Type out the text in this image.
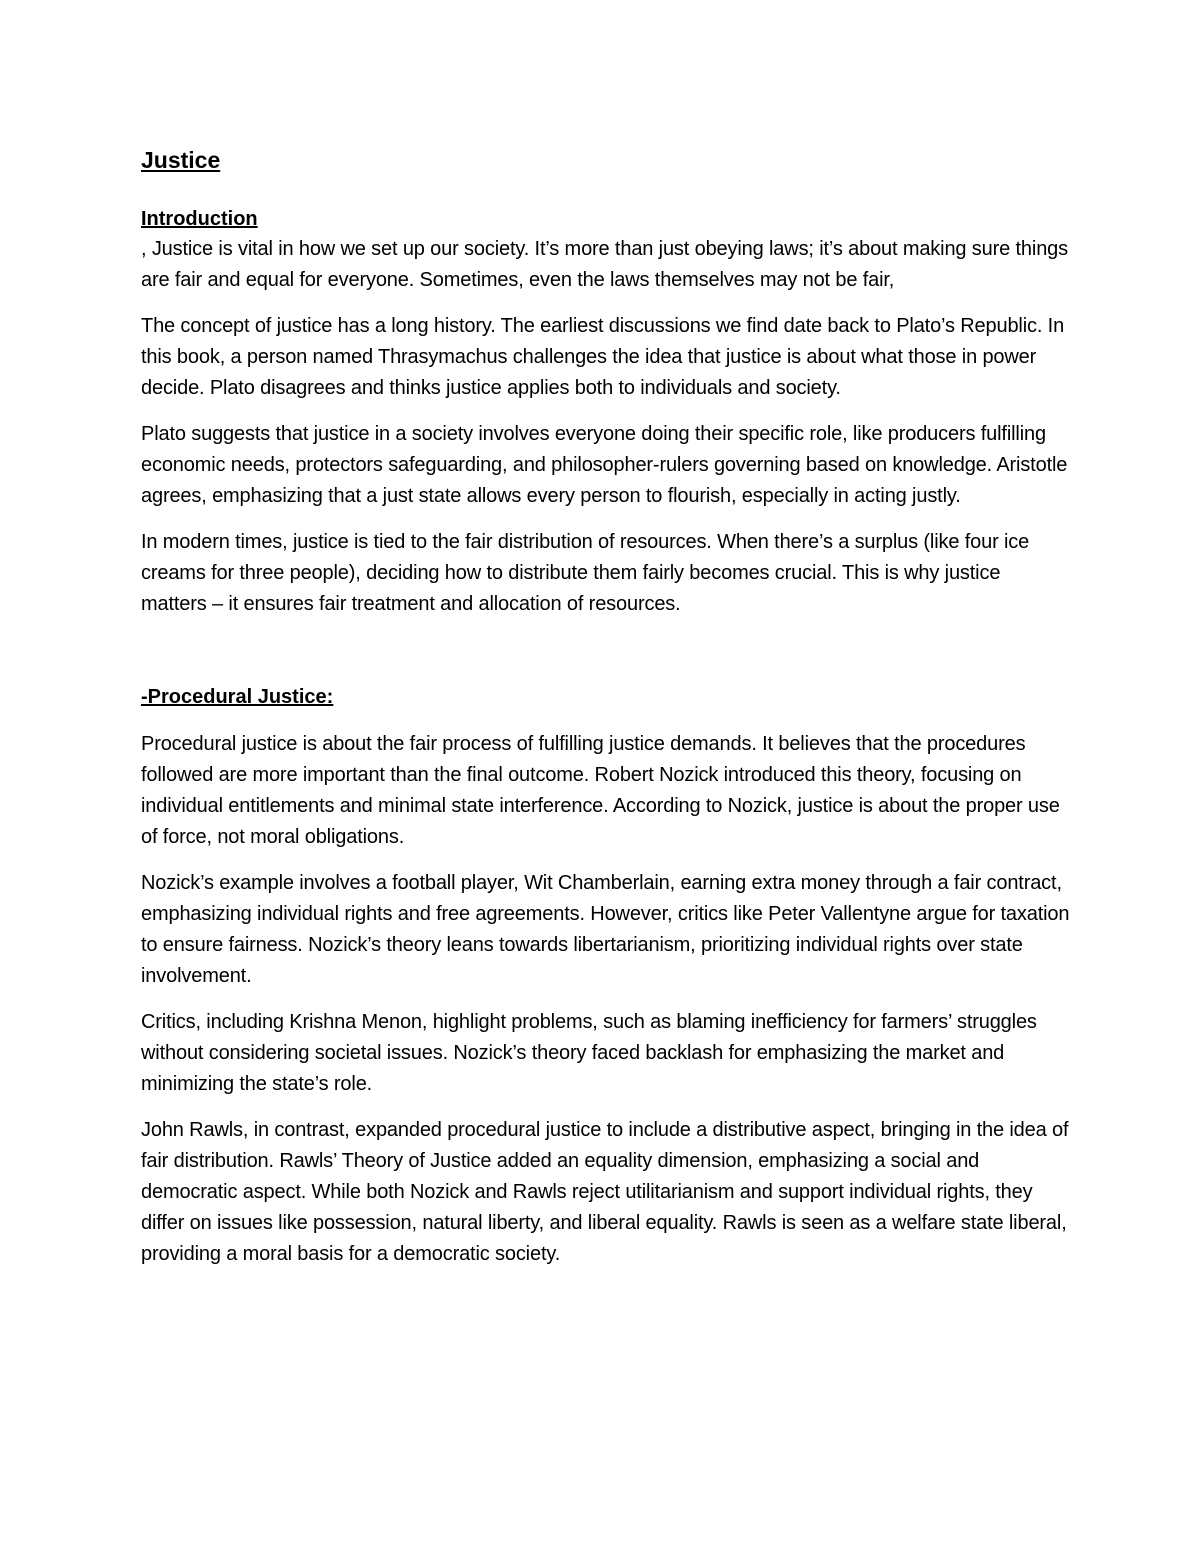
Justice
Introduction

, Justice is vital in how we set up our society. It’s more than just obeying laws; it’s about making sure things are fair and equal for everyone. Sometimes, even the laws themselves may not be fair,

The concept of justice has a long history. The earliest discussions we find date back to Plato’s Republic. In this book, a person named Thrasymachus challenges the idea that justice is about what those in power decide. Plato disagrees and thinks justice applies both to individuals and society.

Plato suggests that justice in a society involves everyone doing their specific role, like producers fulfilling economic needs, protectors safeguarding, and philosopher-rulers governing based on knowledge. Aristotle agrees, emphasizing that a just state allows every person to flourish, especially in acting justly.

In modern times, justice is tied to the fair distribution of resources. When there’s a surplus (like four ice creams for three people), deciding how to distribute them fairly becomes crucial. This is why justice matters – it ensures fair treatment and allocation of resources.

-Procedural Justice:

Procedural justice is about the fair process of fulfilling justice demands. It believes that the procedures followed are more important than the final outcome. Robert Nozick introduced this theory, focusing on individual entitlements and minimal state interference. According to Nozick, justice is about the proper use of force, not moral obligations.

Nozick’s example involves a football player, Wit Chamberlain, earning extra money through a fair contract, emphasizing individual rights and free agreements. However, critics like Peter Vallentyne argue for taxation to ensure fairness. Nozick’s theory leans towards libertarianism, prioritizing individual rights over state involvement.

Critics, including Krishna Menon, highlight problems, such as blaming inefficiency for farmers’ struggles without considering societal issues. Nozick’s theory faced backlash for emphasizing the market and minimizing the state’s role.

John Rawls, in contrast, expanded procedural justice to include a distributive aspect, bringing in the idea of fair distribution. Rawls’ Theory of Justice added an equality dimension, emphasizing a social and democratic aspect. While both Nozick and Rawls reject utilitarianism and support individual rights, they differ on issues like possession, natural liberty, and liberal equality. Rawls is seen as a welfare state liberal, providing a moral basis for a democratic society.
